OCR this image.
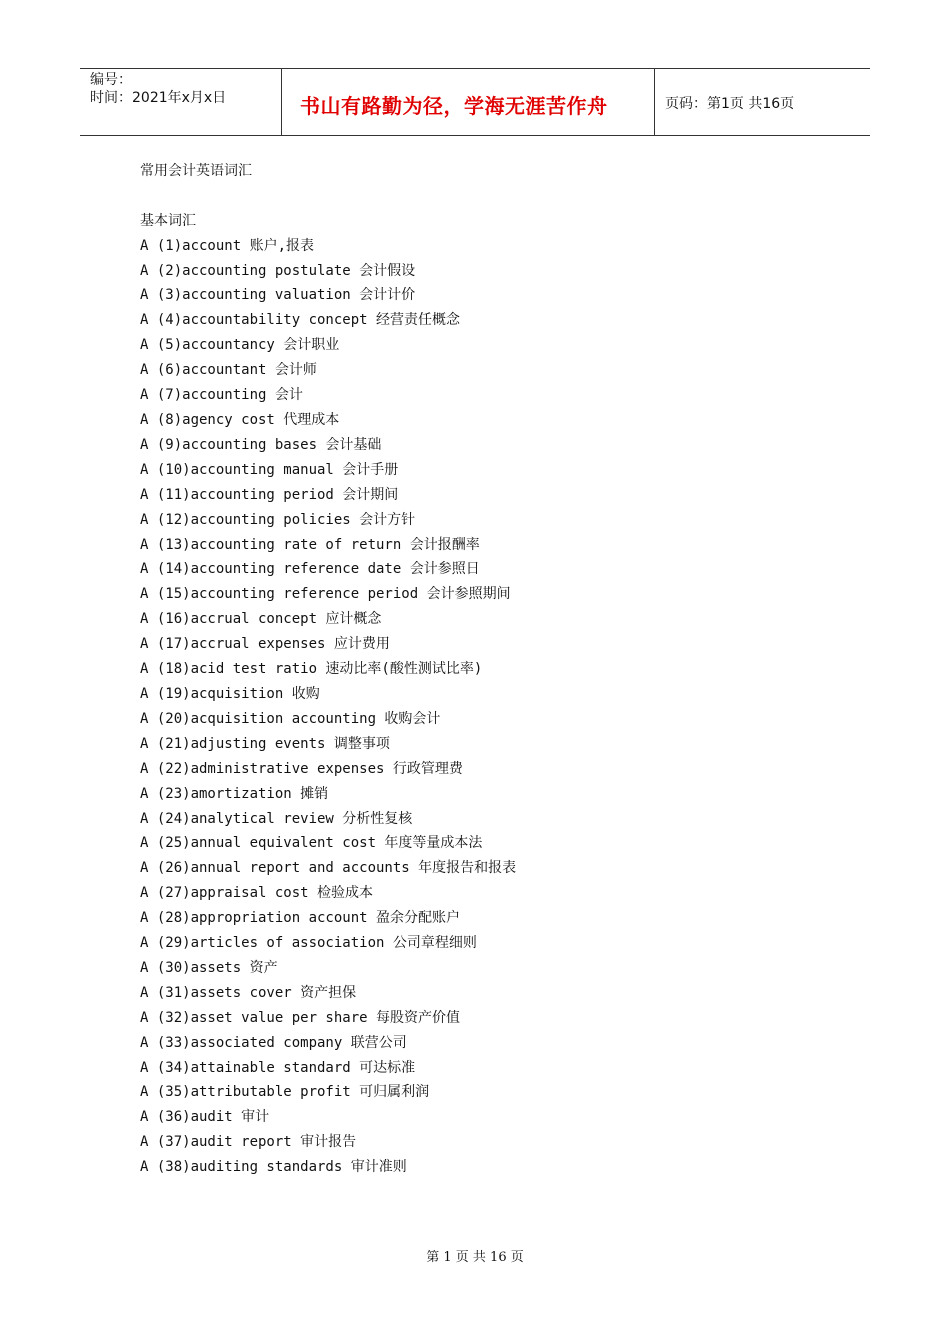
编号：
时间：2021年x月x日	书山有路勤为径，学海无涯苦作舟	页码：第1页 共16页
常用会计英语词汇
基本词汇
A (1)account 账户,报表
A (2)accounting postulate 会计假设
A (3)accounting valuation 会计计价
A (4)accountability concept 经营责任概念
A (5)accountancy 会计职业
A (6)accountant 会计师
A (7)accounting 会计
A (8)agency cost 代理成本
A (9)accounting bases 会计基础
A (10)accounting manual 会计手册
A (11)accounting period 会计期间
A (12)accounting policies 会计方针
A (13)accounting rate of return 会计报酬率
A (14)accounting reference date 会计参照日
A (15)accounting reference period 会计参照期间
A (16)accrual concept 应计概念
A (17)accrual expenses 应计费用
A (18)acid test ratio 速动比率(酸性测试比率)
A (19)acquisition 收购
A (20)acquisition accounting 收购会计
A (21)adjusting events 调整事项
A (22)administrative expenses 行政管理费
A (23)amortization 摊销
A (24)analytical review 分析性复核
A (25)annual equivalent cost 年度等量成本法
A (26)annual report and accounts 年度报告和报表
A (27)appraisal cost 检验成本
A (28)appropriation account 盈余分配账户
A (29)articles of association 公司章程细则
A (30)assets 资产
A (31)assets cover 资产担保
A (32)asset value per share 每股资产价值
A (33)associated company 联营公司
A (34)attainable standard 可达标准
A (35)attributable profit 可归属利润
A (36)audit 审计
A (37)audit report 审计报告
A (38)auditing standards 审计准则
第 1 页 共 16 页
